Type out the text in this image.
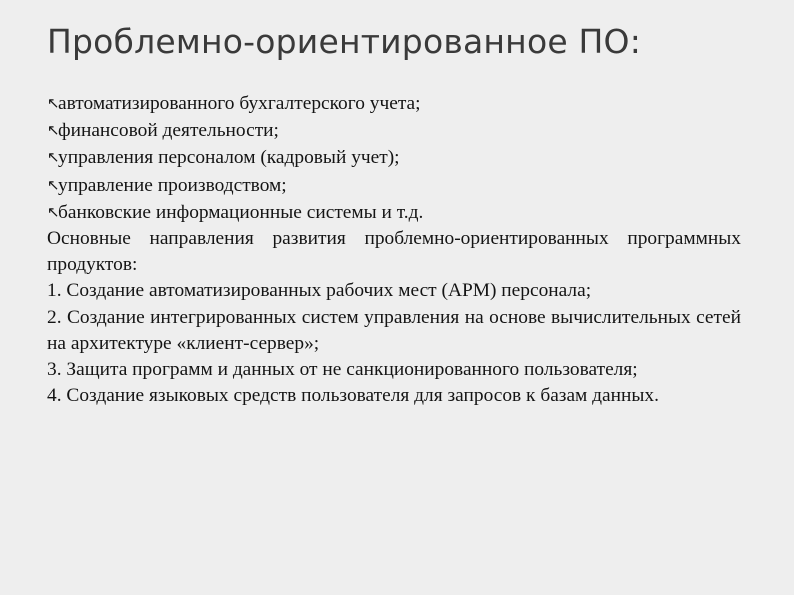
Проблемно-ориентированное ПО:
↖автоматизированного бухгалтерского учета;
↖финансовой деятельности;
↖управления персоналом (кадровый учет);
↖управление производством;
↖банковские информационные системы и т.д.
Основные направления развития проблемно-ориентированных программных продуктов:
1. Создание автоматизированных рабочих мест (АРМ) персонала;
2. Создание интегрированных систем управления на основе вычислительных сетей на архитектуре «клиент-сервер»;
3. Защита программ и данных от не санкционированного пользователя;
4. Создание языковых средств пользователя для запросов к базам данных.
